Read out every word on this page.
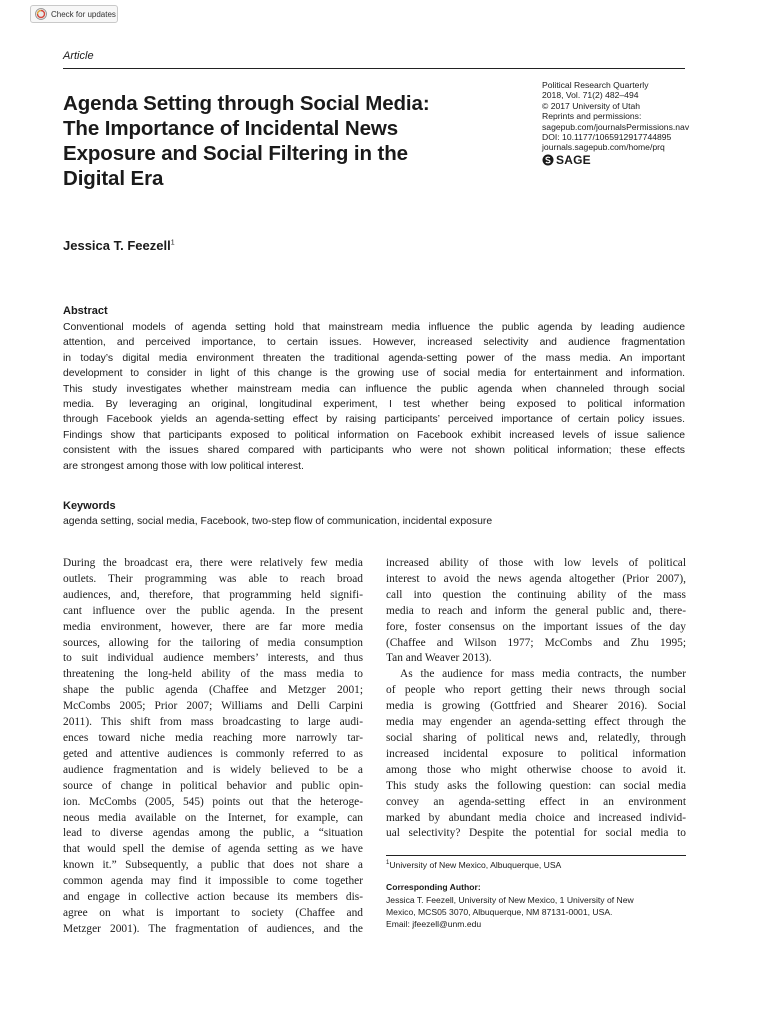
Check for updates
Article
Agenda Setting through Social Media:
The Importance of Incidental News
Exposure and Social Filtering in the
Digital Era
Political Research Quarterly
2018, Vol. 71(2) 482–494
© 2017 University of Utah
Reprints and permissions:
sagepub.com/journalsPermissions.nav
DOI: 10.1177/1065912917744895
journals.sagepub.com/home/prq
SAGE
Jessica T. Feezell$^1$
Abstract
Conventional models of agenda setting hold that mainstream media influence the public agenda by leading audience
attention, and perceived importance, to certain issues. However, increased selectivity and audience fragmentation
in today’s digital media environment threaten the traditional agenda-setting power of the mass media. An important
development to consider in light of this change is the growing use of social media for entertainment and information.
This study investigates whether mainstream media can influence the public agenda when channeled through social
media. By leveraging an original, longitudinal experiment, I test whether being exposed to political information
through Facebook yields an agenda-setting effect by raising participants’ perceived importance of certain policy issues.
Findings show that participants exposed to political information on Facebook exhibit increased levels of issue salience
consistent with the issues shared compared with participants who were not shown political information; these effects
are strongest among those with low political interest.
Keywords
agenda setting, social media, Facebook, two-step flow of communication, incidental exposure
During the broadcast era, there were relatively few media
outlets. Their programming was able to reach broad
audiences, and, therefore, that programming held signifi-
cant influence over the public agenda. In the present
media environment, however, there are far more media
sources, allowing for the tailoring of media consumption
to suit individual audience members’ interests, and thus
threatening the long-held ability of the mass media to
shape the public agenda (Chaffee and Metzger 2001;
McCombs 2005; Prior 2007; Williams and Delli Carpini
2011). This shift from mass broadcasting to large audi-
ences toward niche media reaching more narrowly tar-
geted and attentive audiences is commonly referred to as
audience fragmentation and is widely believed to be a
source of change in political behavior and public opin-
ion. McCombs (2005, 545) points out that the heteroge-
neous media available on the Internet, for example, can
lead to diverse agendas among the public, a “situation
that would spell the demise of agenda setting as we have
known it.” Subsequently, a public that does not share a
common agenda may find it impossible to come together
and engage in collective action because its members dis-
agree on what is important to society (Chaffee and
Metzger 2001). The fragmentation of audiences, and the
increased ability of those with low levels of political
interest to avoid the news agenda altogether (Prior 2007),
call into question the continuing ability of the mass
media to reach and inform the general public and, there-
fore, foster consensus on the important issues of the day
(Chaffee and Wilson 1977; McCombs and Zhu 1995;
Tan and Weaver 2013).
As the audience for mass media contracts, the number
of people who report getting their news through social
media is growing (Gottfried and Shearer 2016). Social
media may engender an agenda-setting effect through the
social sharing of political news and, relatedly, through
increased incidental exposure to political information
among those who might otherwise choose to avoid it.
This study asks the following question: can social media
convey an agenda-setting effect in an environment
marked by abundant media choice and increased individ-
ual selectivity? Despite the potential for social media to
$^1$University of New Mexico, Albuquerque, USA
Corresponding Author:
Jessica T. Feezell, University of New Mexico, 1 University of New
Mexico, MCS05 3070, Albuquerque, NM 87131-0001, USA.
Email: jfeezell@unm.edu
